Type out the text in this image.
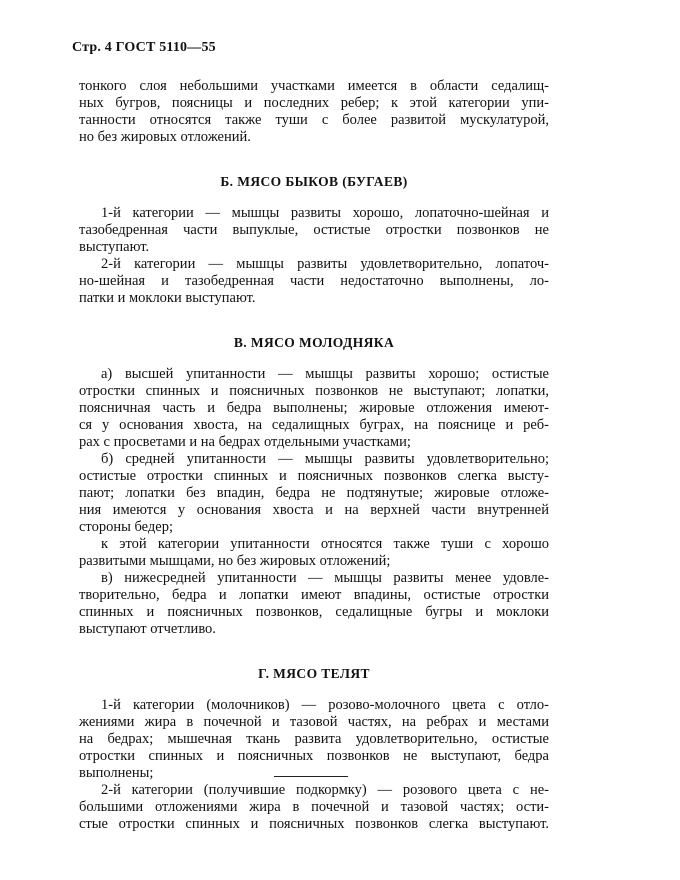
Стр. 4 ГОСТ 5110—55
тонкого слоя небольшими участками имеется в области седалищ-
ных бугров, поясницы и последних ребер; к этой категории упи-
танности относятся также туши с более развитой мускулатурой,
но без жировых отложений.
Б. МЯСО БЫКОВ (БУГАЕВ)
1-й категории — мышцы развиты хорошо, лопаточно-шейная и
тазобедренная части выпуклые, остистые отростки позвонков не
выступают.
2-й категории — мышцы развиты удовлетворительно, лопаточ-
но-шейная и тазобедренная части недостаточно выполнены, ло-
патки и моклоки выступают.
В. МЯСО МОЛОДНЯКА
а) высшей упитанности — мышцы развиты хорошо; остистые
отростки спинных и поясничных позвонков не выступают; лопатки,
поясничная часть и бедра выполнены; жировые отложения имеют-
ся у основания хвоста, на седалищных буграх, на пояснице и реб-
рах с просветами и на бедрах отдельными участками;
б) средней упитанности — мышцы развиты удовлетворительно;
остистые отростки спинных и поясничных позвонков слегка высту-
пают; лопатки без впадин, бедра не подтянутые; жировые отложе-
ния имеются у основания хвоста и на верхней части внутренней
стороны бедер;
к этой категории упитанности относятся также туши с хорошо
развитыми мышцами, но без жировых отложений;
в) нижесредней упитанности — мышцы развиты менее удовле-
творительно, бедра и лопатки имеют впадины, остистые отростки
спинных и поясничных позвонков, седалищные бугры и моклоки
выступают отчетливо.
Г. МЯСО ТЕЛЯТ
1-й категории (молочников) — розово-молочного цвета с отло-
жениями жира в почечной и тазовой частях, на ребрах и местами
на бедрах; мышечная ткань развита удовлетворительно, остистые
отростки спинных и поясничных позвонков не выступают, бедра
выполнены;
2-й категории (получившие подкормку) — розового цвета с не-
большими отложениями жира в почечной и тазовой частях; ости-
стые отростки спинных и поясничных позвонков слегка выступают.
